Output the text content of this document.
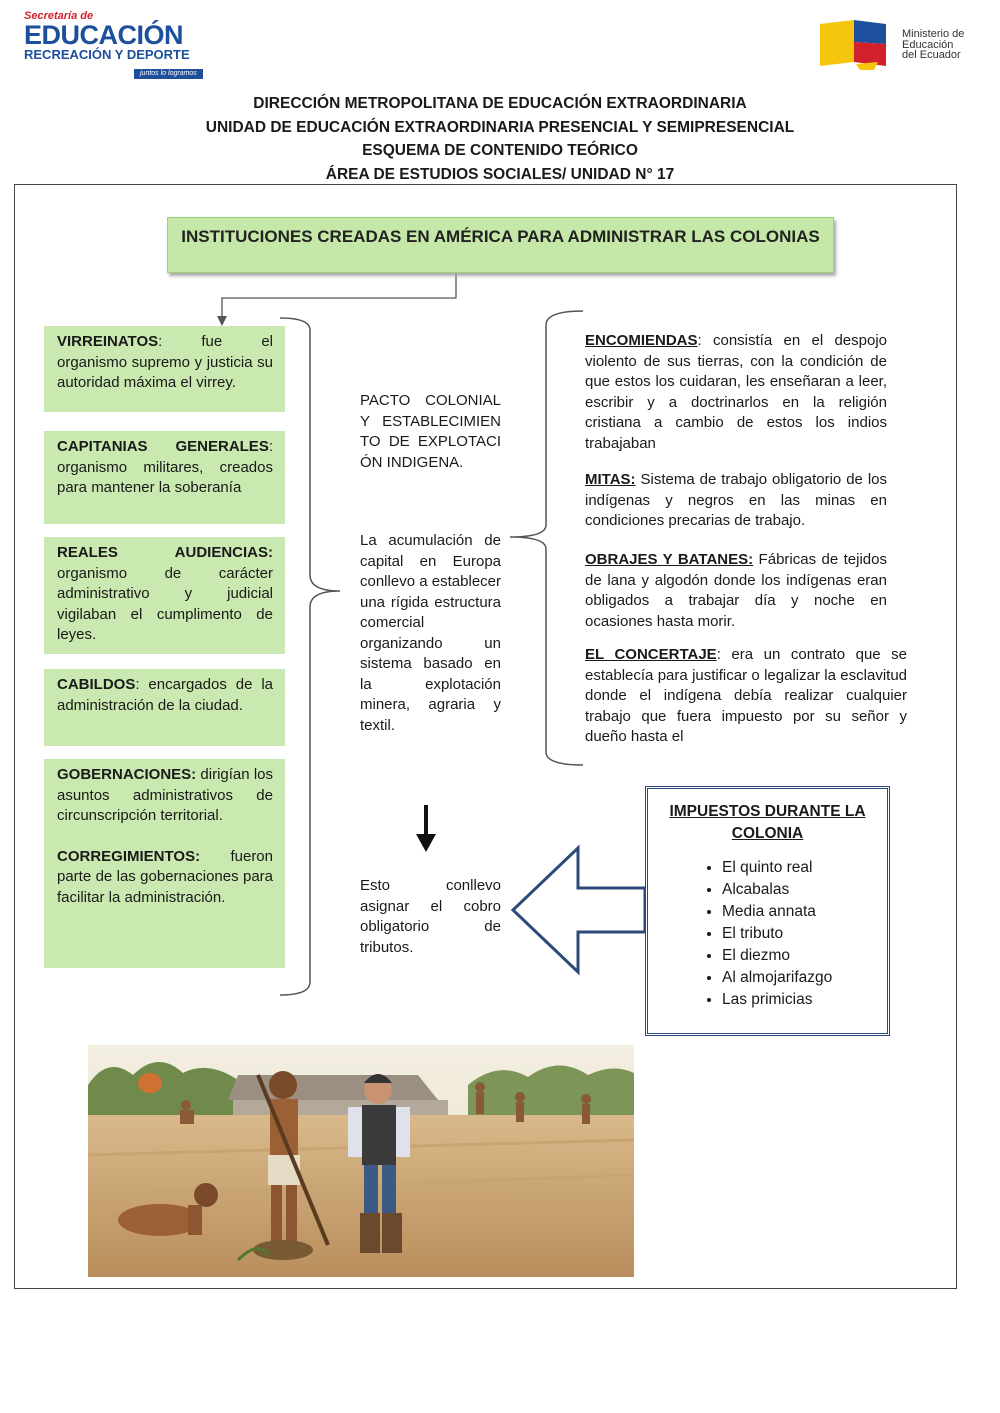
Secretaría de
EDUCACIÓN
RECREACIÓN Y DEPORTE
juntos lo logramos
Ministerio de
Educación
del Ecuador
DIRECCIÓN METROPOLITANA DE EDUCACIÓN EXTRAORDINARIA
UNIDAD DE EDUCACIÓN EXTRAORDINARIA PRESENCIAL Y SEMIPRESENCIAL
ESQUEMA DE CONTENIDO TEÓRICO
ÁREA DE ESTUDIOS SOCIALES/ UNIDAD N° 17
INSTITUCIONES CREADAS EN AMÉRICA PARA ADMINISTRAR LAS COLONIAS
VIRREINATOS: fue el organismo supremo y justicia su autoridad máxima el virrey.
CAPITANIAS GENERALES: organismo militares, creados para mantener la soberanía
REALES AUDIENCIAS: organismo de carácter administrativo y judicial vigilaban el cumplimento de leyes.
CABILDOS: encargados de la administración de la ciudad.
GOBERNACIONES: dirigían los asuntos administrativos de circunscripción territorial.
CORREGIMIENTOS: fueron parte de las gobernaciones para facilitar la administración.
PACTO COLONIAL Y ESTABLECIMIENTO DE EXPLOTACIÓN INDIGENA.
La acumulación de capital en Europa conllevo a establecer una rígida estructura comercial organizando un sistema basado en la explotación minera, agraria y textil.
Esto conllevo asignar el cobro obligatorio de tributos.
ENCOMIENDAS: consistía en el despojo violento de sus tierras, con la condición de que estos los cuidaran, les enseñaran a leer, escribir y a doctrinarlos en la religión cristiana a cambio de estos los indios trabajaban
MITAS: Sistema de trabajo obligatorio de los indígenas y negros en las minas en condiciones precarias de trabajo.
OBRAJES Y BATANES: Fábricas de tejidos de lana y algodón donde los indígenas eran obligados a trabajar día y noche en ocasiones hasta morir.
EL CONCERTAJE: era un contrato que se establecía para justificar o legalizar la esclavitud donde el indígena debía realizar cualquier trabajo que fuera impuesto por su señor y dueño hasta el
IMPUESTOS DURANTE LA COLONIA
• El quinto real
• Alcabalas
• Media annata
• El tributo
• El diezmo
• Al almojarifazgo
• Las primicias
